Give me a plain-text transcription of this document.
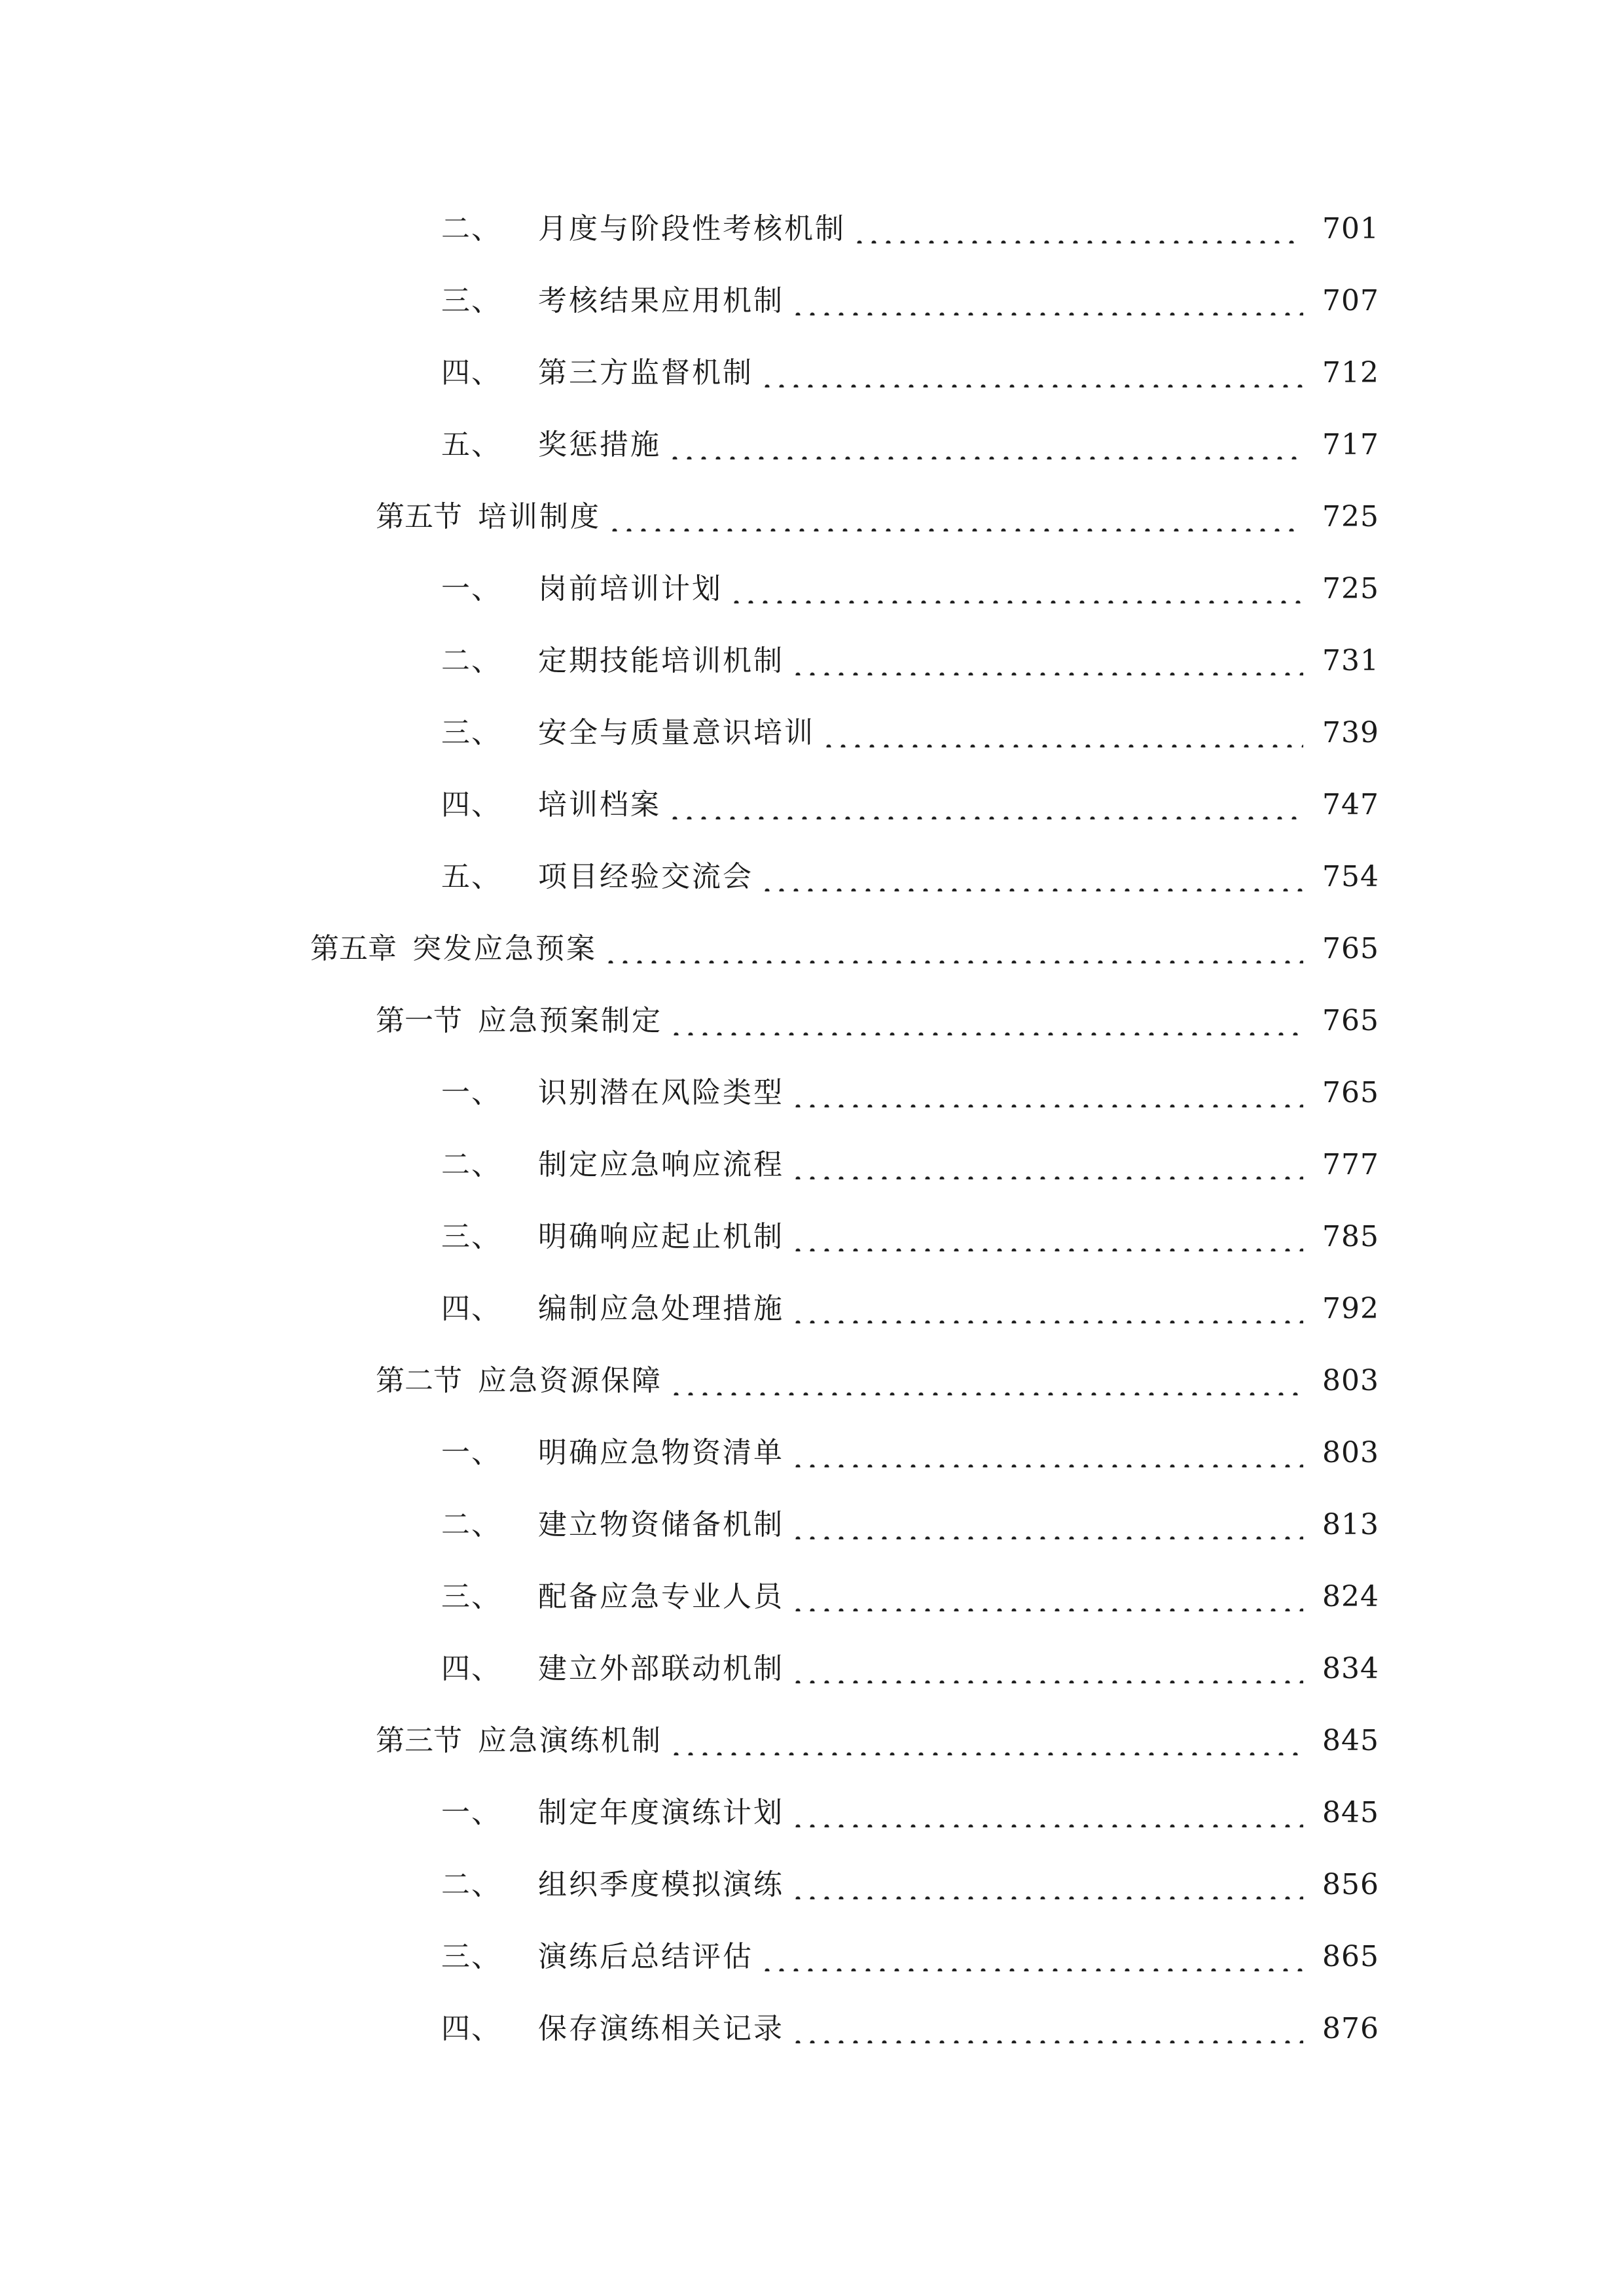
二、	月度与阶段性考核机制	701
三、	考核结果应用机制	707
四、	第三方监督机制	712
五、	奖惩措施	717
第五节 培训制度	725
一、	岗前培训计划	725
二、	定期技能培训机制	731
三、	安全与质量意识培训	739
四、	培训档案	747
五、	项目经验交流会	754
第五章 突发应急预案	765
第一节 应急预案制定	765
一、	识别潜在风险类型	765
二、	制定应急响应流程	777
三、	明确响应起止机制	785
四、	编制应急处理措施	792
第二节 应急资源保障	803
一、	明确应急物资清单	803
二、	建立物资储备机制	813
三、	配备应急专业人员	824
四、	建立外部联动机制	834
第三节 应急演练机制	845
一、	制定年度演练计划	845
二、	组织季度模拟演练	856
三、	演练后总结评估	865
四、	保存演练相关记录	876
